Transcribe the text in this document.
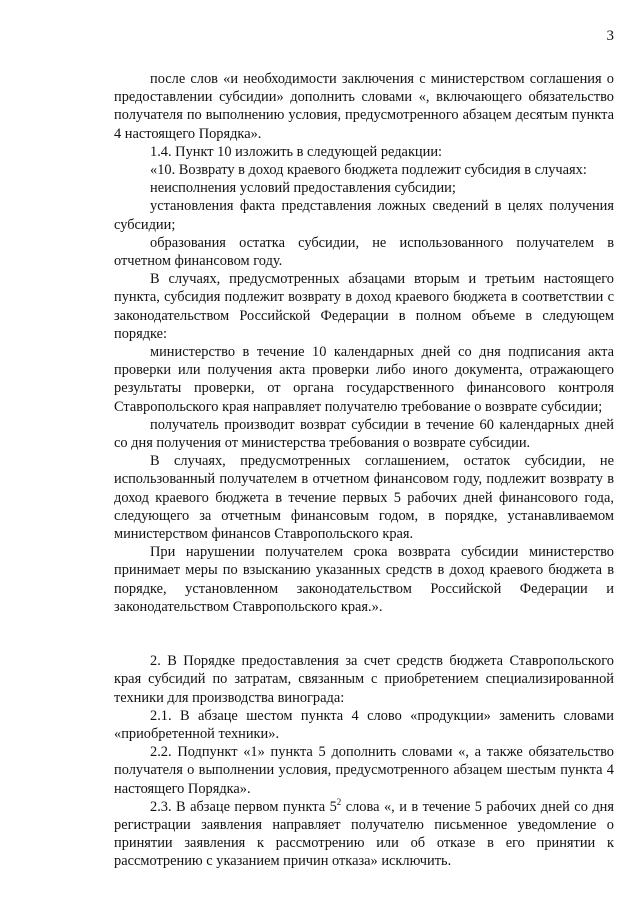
3

после слов «и необходимости заключения с министерством соглашения о предоставлении субсидии» дополнить словами «, включающего обязательство получателя по выполнению условия, предусмотренного абзацем десятым пункта 4 настоящего Порядка».

1.4. Пункт 10 изложить в следующей редакции:

«10. Возврату в доход краевого бюджета подлежит субсидия в случаях:

неисполнения условий предоставления субсидии;

установления факта представления ложных сведений в целях получения субсидии;

образования остатка субсидии, не использованного получателем в отчетном финансовом году.

В случаях, предусмотренных абзацами вторым и третьим настоящего пункта, субсидия подлежит возврату в доход краевого бюджета в соответствии с законодательством Российской Федерации в полном объеме в следующем порядке:

министерство в течение 10 календарных дней со дня подписания акта проверки или получения акта проверки либо иного документа, отражающего результаты проверки, от органа государственного финансового контроля Ставропольского края направляет получателю требование о возврате субсидии;

получатель производит возврат субсидии в течение 60 календарных дней со дня получения от министерства требования о возврате субсидии.

В случаях, предусмотренных соглашением, остаток субсидии, не использованный получателем в отчетном финансовом году, подлежит возврату в доход краевого бюджета в течение первых 5 рабочих дней финансового года, следующего за отчетным финансовым годом, в порядке, устанавливаемом министерством финансов Ставропольского края.

При нарушении получателем срока возврата субсидии министерство принимает меры по взысканию указанных средств в доход краевого бюджета в порядке, установленном законодательством Российской Федерации и законодательством Ставропольского края.».

2. В Порядке предоставления за счет средств бюджета Ставропольского края субсидий по затратам, связанным с приобретением специализированной техники для производства винограда:

2.1. В абзаце шестом пункта 4 слово «продукции» заменить словами «приобретенной техники».

2.2. Подпункт «1» пункта 5 дополнить словами «, а также обязательство получателя о выполнении условия, предусмотренного абзацем шестым пункта 4 настоящего Порядка».

2.3. В абзаце первом пункта $5^2$ слова «, и в течение 5 рабочих дней со дня регистрации заявления направляет получателю письменное уведомление о принятии заявления к рассмотрению или об отказе в его принятии к рассмотрению с указанием причин отказа» исключить.
